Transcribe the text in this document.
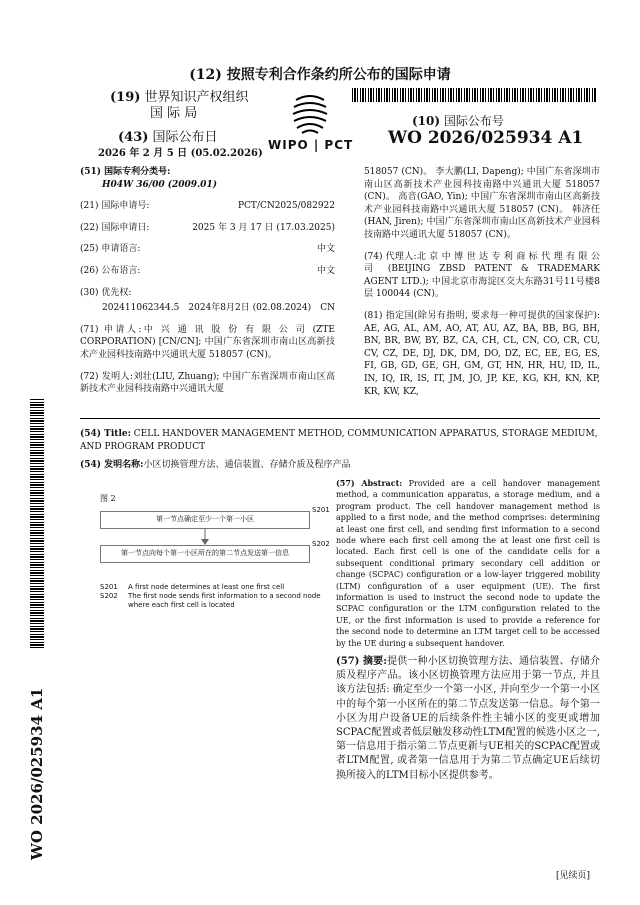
(12) 按照专利合作条约所公布的国际申请
(19) 世界知识产权组织
国 际 局
(43) 国际公布日
2026 年 2 月 5 日 (05.02.2026)
WIPO | PCT
(10) 国际公布号
WO 2026/025934 A1
(51) 国际专利分类号:
H04W 36/00 (2009.01)
(21) 国际申请号:	PCT/CN2025/082922
(22) 国际申请日:	2025 年 3 月 17 日 (17.03.2025)
(25) 申请语言:	中文
(26) 公布语言:	中文
(30) 优先权:
202411062344.5 2024年8月2日 (02.08.2024) CN
(71) 申请人:中 兴 通 讯 股 份 有 限 公 司 (ZTE CORPORATION) [CN/CN]; 中国广东省深圳市南山区高新技术产业园科技南路中兴通讯大厦 518057 (CN)。
(72) 发明人:刘壮(LIU, Zhuang); 中国广东省深圳市南山区高新技术产业园科技南路中兴通讯大厦
518057 (CN)。 李大鹏(LI, Dapeng); 中国广东省深圳市南山区高新技术产业园科技南路中兴通讯大厦 518057 (CN)。 高音(GAO, Yin); 中国广东省深圳市南山区高新技术产业园科技南路中兴通讯大厦 518057 (CN)。 韩济任(HAN, Jiren); 中国广东省深圳市南山区高新技术产业园科技南路中兴通讯大厦 518057 (CN)。
(74) 代理人:北 京 中 博 世 达 专 利 商 标 代 理 有 限 公 司 (BEIJING ZBSD PATENT & TRADEMARK AGENT LTD.); 中国北京市海淀区交大东路31号11号楼8层 100044 (CN)。
(81) 指定国(除另有指明, 要求每一种可提供的国家保护): AE, AG, AL, AM, AO, AT, AU, AZ, BA, BB, BG, BH, BN, BR, BW, BY, BZ, CA, CH, CL, CN, CO, CR, CU, CV, CZ, DE, DJ, DK, DM, DO, DZ, EC, EE, EG, ES, FI, GB, GD, GE, GH, GM, GT, HN, HR, HU, ID, IL, IN, IQ, IR, IS, IT, JM, JO, JP, KE, KG, KH, KN, KP, KR, KW, KZ,
(54) Title: CELL HANDOVER MANAGEMENT METHOD, COMMUNICATION APPARATUS, STORAGE MEDIUM, AND PROGRAM PRODUCT
(54) 发明名称:小区切换管理方法、通信装置、存储介质及程序产品
图 2
第一节点确定至少一个第一小区
S201
第一节点向每个第一小区所在的第二节点发送第一信息
S202
S201 A first node determines at least one first cell
S202	The first node sends first information to a second node where each first cell is located
(57) Abstract: Provided are a cell handover management method, a communication apparatus, a storage medium, and a program product. The cell handover management method is applied to a first node, and the method comprises: determining at least one first cell, and sending first information to a second node where each first cell among the at least one first cell is located. Each first cell is one of the candidate cells for a subsequent conditional primary secondary cell addition or change (SCPAC) configuration or a low-layer triggered mobility (LTM) configuration of a user equipment (UE). The first information is used to instruct the second node to update the SCPAC configuration or the LTM configuration related to the UE, or the first information is used to provide a reference for the second node to determine an LTM target cell to be accessed by the UE during a subsequent handover.
(57) 摘要:提供一种小区切换管理方法、通信装置、存储介质及程序产品。该小区切换管理方法应用于第一节点, 并且该方法包括: 确定至少一个第一小区, 并向至少一个第一小区中的每个第一小区所在的第二节点发送第一信息。每个第一小区为用户设备UE的后续条件性主辅小区的变更或增加SCPAC配置或者低层触发移动性LTM配置的候选小区之一, 第一信息用于指示第二节点更新与UE相关的SCPAC配置或者LTM配置, 或者第一信息用于为第二节点确定UE后续切换所接入的LTM目标小区提供参考。
WO 2026/025934 A1
[见续页]
